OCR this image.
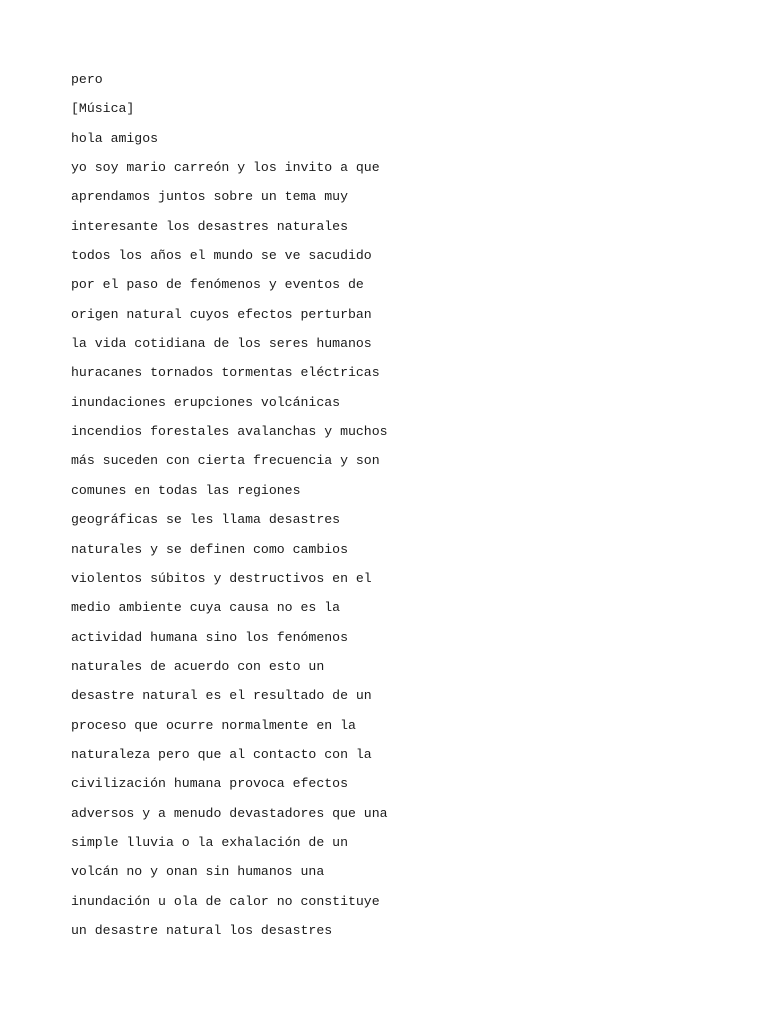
pero
[Música]
hola amigos
yo soy mario carreón y los invito a que
aprendamos juntos sobre un tema muy
interesante los desastres naturales
todos los años el mundo se ve sacudido
por el paso de fenómenos y eventos de
origen natural cuyos efectos perturban
la vida cotidiana de los seres humanos
huracanes tornados tormentas eléctricas
inundaciones erupciones volcánicas
incendios forestales avalanchas y muchos
más suceden con cierta frecuencia y son
comunes en todas las regiones
geográficas se les llama desastres
naturales y se definen como cambios
violentos súbitos y destructivos en el
medio ambiente cuya causa no es la
actividad humana sino los fenómenos
naturales de acuerdo con esto un
desastre natural es el resultado de un
proceso que ocurre normalmente en la
naturaleza pero que al contacto con la
civilización humana provoca efectos
adversos y a menudo devastadores que una
simple lluvia o la exhalación de un
volcán no y onan sin humanos una
inundación u ola de calor no constituye
un desastre natural los desastres
